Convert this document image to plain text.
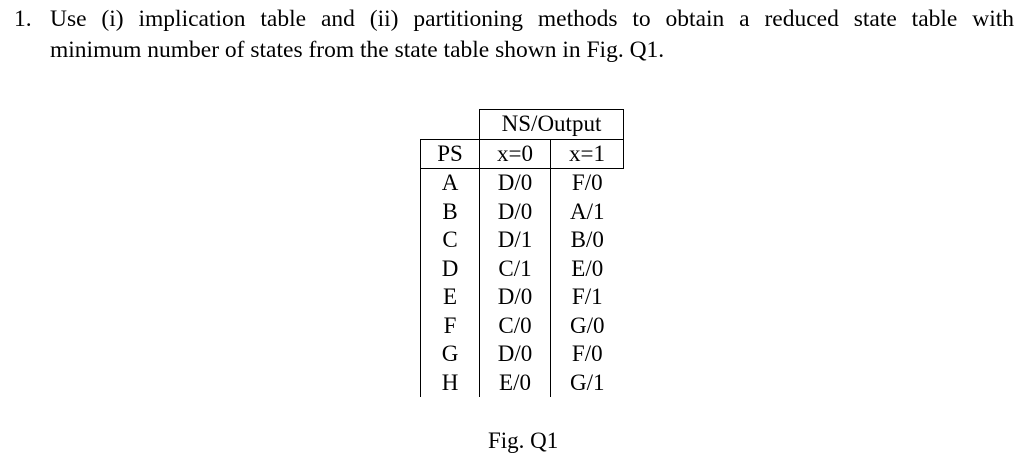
1. Use (i) implication table and (ii) partitioning methods to obtain a reduced state table with
minimum number of states from the state table shown in Fig. Q1.
	NS/Output	
PS	x=0	x=1
A	D/0	F/0
B	D/0	A/1
C	D/1	B/0
D	C/1	E/0
E	D/0	F/1
F	C/0	G/0
G	D/0	F/0
H	E/0	G/1
Fig. Q1
